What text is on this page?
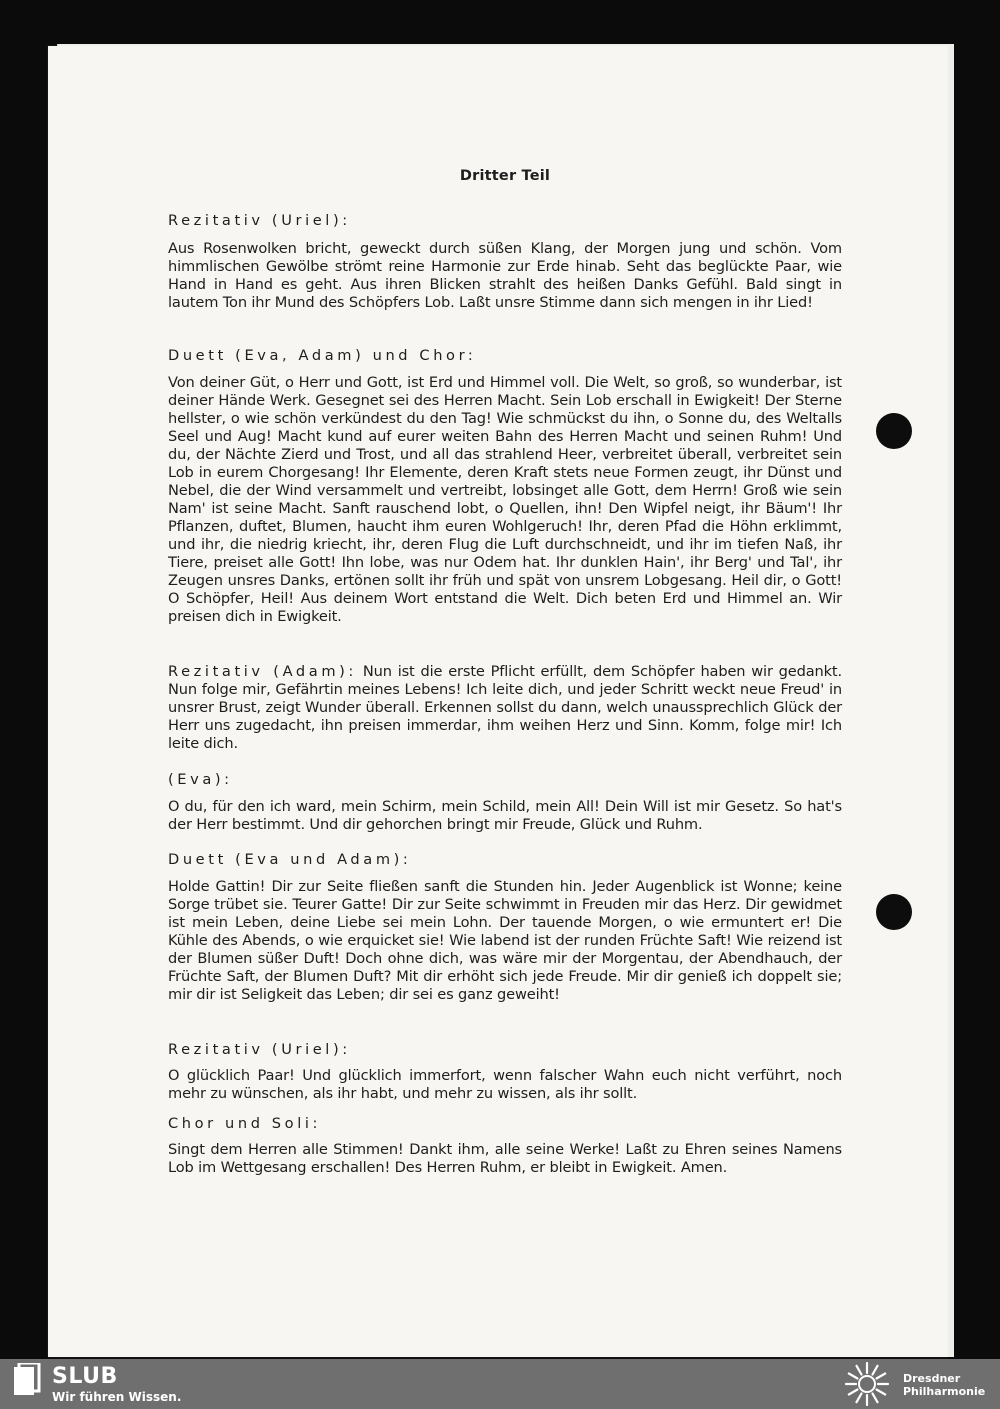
Dritter Teil
Rezitativ (Uriel):
Aus Rosenwolken bricht, geweckt durch süßen Klang, der Morgen jung und schön. Vom himmlischen Gewölbe strömt reine Harmonie zur Erde hinab. Seht das beglückte Paar, wie Hand in Hand es geht. Aus ihren Blicken strahlt des heißen Danks Gefühl. Bald singt in lautem Ton ihr Mund des Schöpfers Lob. Laßt unsre Stimme dann sich mengen in ihr Lied!
Duett (Eva, Adam) und Chor:
Von deiner Güt, o Herr und Gott, ist Erd und Himmel voll. Die Welt, so groß, so wunderbar, ist deiner Hände Werk. Gesegnet sei des Herren Macht. Sein Lob erschall in Ewigkeit! Der Sterne hellster, o wie schön verkündest du den Tag! Wie schmückst du ihn, o Sonne du, des Weltalls Seel und Aug! Macht kund auf eurer weiten Bahn des Herren Macht und seinen Ruhm! Und du, der Nächte Zierd und Trost, und all das strahlend Heer, verbreitet überall, verbreitet sein Lob in eurem Chorgesang! Ihr Elemente, deren Kraft stets neue Formen zeugt, ihr Dünst und Nebel, die der Wind versammelt und vertreibt, lobsinget alle Gott, dem Herrn! Groß wie sein Nam' ist seine Macht. Sanft rauschend lobt, o Quellen, ihn! Den Wipfel neigt, ihr Bäum'! Ihr Pflanzen, duftet, Blumen, haucht ihm euren Wohlgeruch! Ihr, deren Pfad die Höhn erklimmt, und ihr, die niedrig kriecht, ihr, deren Flug die Luft durchschneidt, und ihr im tiefen Naß, ihr Tiere, preiset alle Gott! Ihn lobe, was nur Odem hat. Ihr dunklen Hain', ihr Berg' und Tal', ihr Zeugen unsres Danks, ertönen sollt ihr früh und spät von unsrem Lobgesang. Heil dir, o Gott! O Schöpfer, Heil! Aus deinem Wort entstand die Welt. Dich beten Erd und Himmel an. Wir preisen dich in Ewigkeit.
Rezitativ (Adam): Nun ist die erste Pflicht erfüllt, dem Schöpfer haben wir gedankt. Nun folge mir, Gefährtin meines Lebens! Ich leite dich, und jeder Schritt weckt neue Freud' in unsrer Brust, zeigt Wunder überall. Erkennen sollst du dann, welch unaussprechlich Glück der Herr uns zugedacht, ihn preisen immerdar, ihm weihen Herz und Sinn. Komm, folge mir! Ich leite dich.
(Eva):
O du, für den ich ward, mein Schirm, mein Schild, mein All! Dein Will ist mir Gesetz. So hat's der Herr bestimmt. Und dir gehorchen bringt mir Freude, Glück und Ruhm.
Duett (Eva und Adam):
Holde Gattin! Dir zur Seite fließen sanft die Stunden hin. Jeder Augenblick ist Wonne; keine Sorge trübet sie. Teurer Gatte! Dir zur Seite schwimmt in Freuden mir das Herz. Dir gewidmet ist mein Leben, deine Liebe sei mein Lohn. Der tauende Morgen, o wie ermuntert er! Die Kühle des Abends, o wie erquicket sie! Wie labend ist der runden Früchte Saft! Wie reizend ist der Blumen süßer Duft! Doch ohne dich, was wäre mir der Morgentau, der Abendhauch, der Früchte Saft, der Blumen Duft? Mit dir erhöht sich jede Freude. Mir dir genieß ich doppelt sie; mir dir ist Seligkeit das Leben; dir sei es ganz geweiht!
Rezitativ (Uriel):
O glücklich Paar! Und glücklich immerfort, wenn falscher Wahn euch nicht verführt, noch mehr zu wünschen, als ihr habt, und mehr zu wissen, als ihr sollt.
Chor und Soli:
Singt dem Herren alle Stimmen! Dankt ihm, alle seine Werke! Laßt zu Ehren seines Namens Lob im Wettgesang erschallen! Des Herren Ruhm, er bleibt in Ewigkeit. Amen.
SLUB
Wir führen Wissen.
Dresdner
Philharmonie
